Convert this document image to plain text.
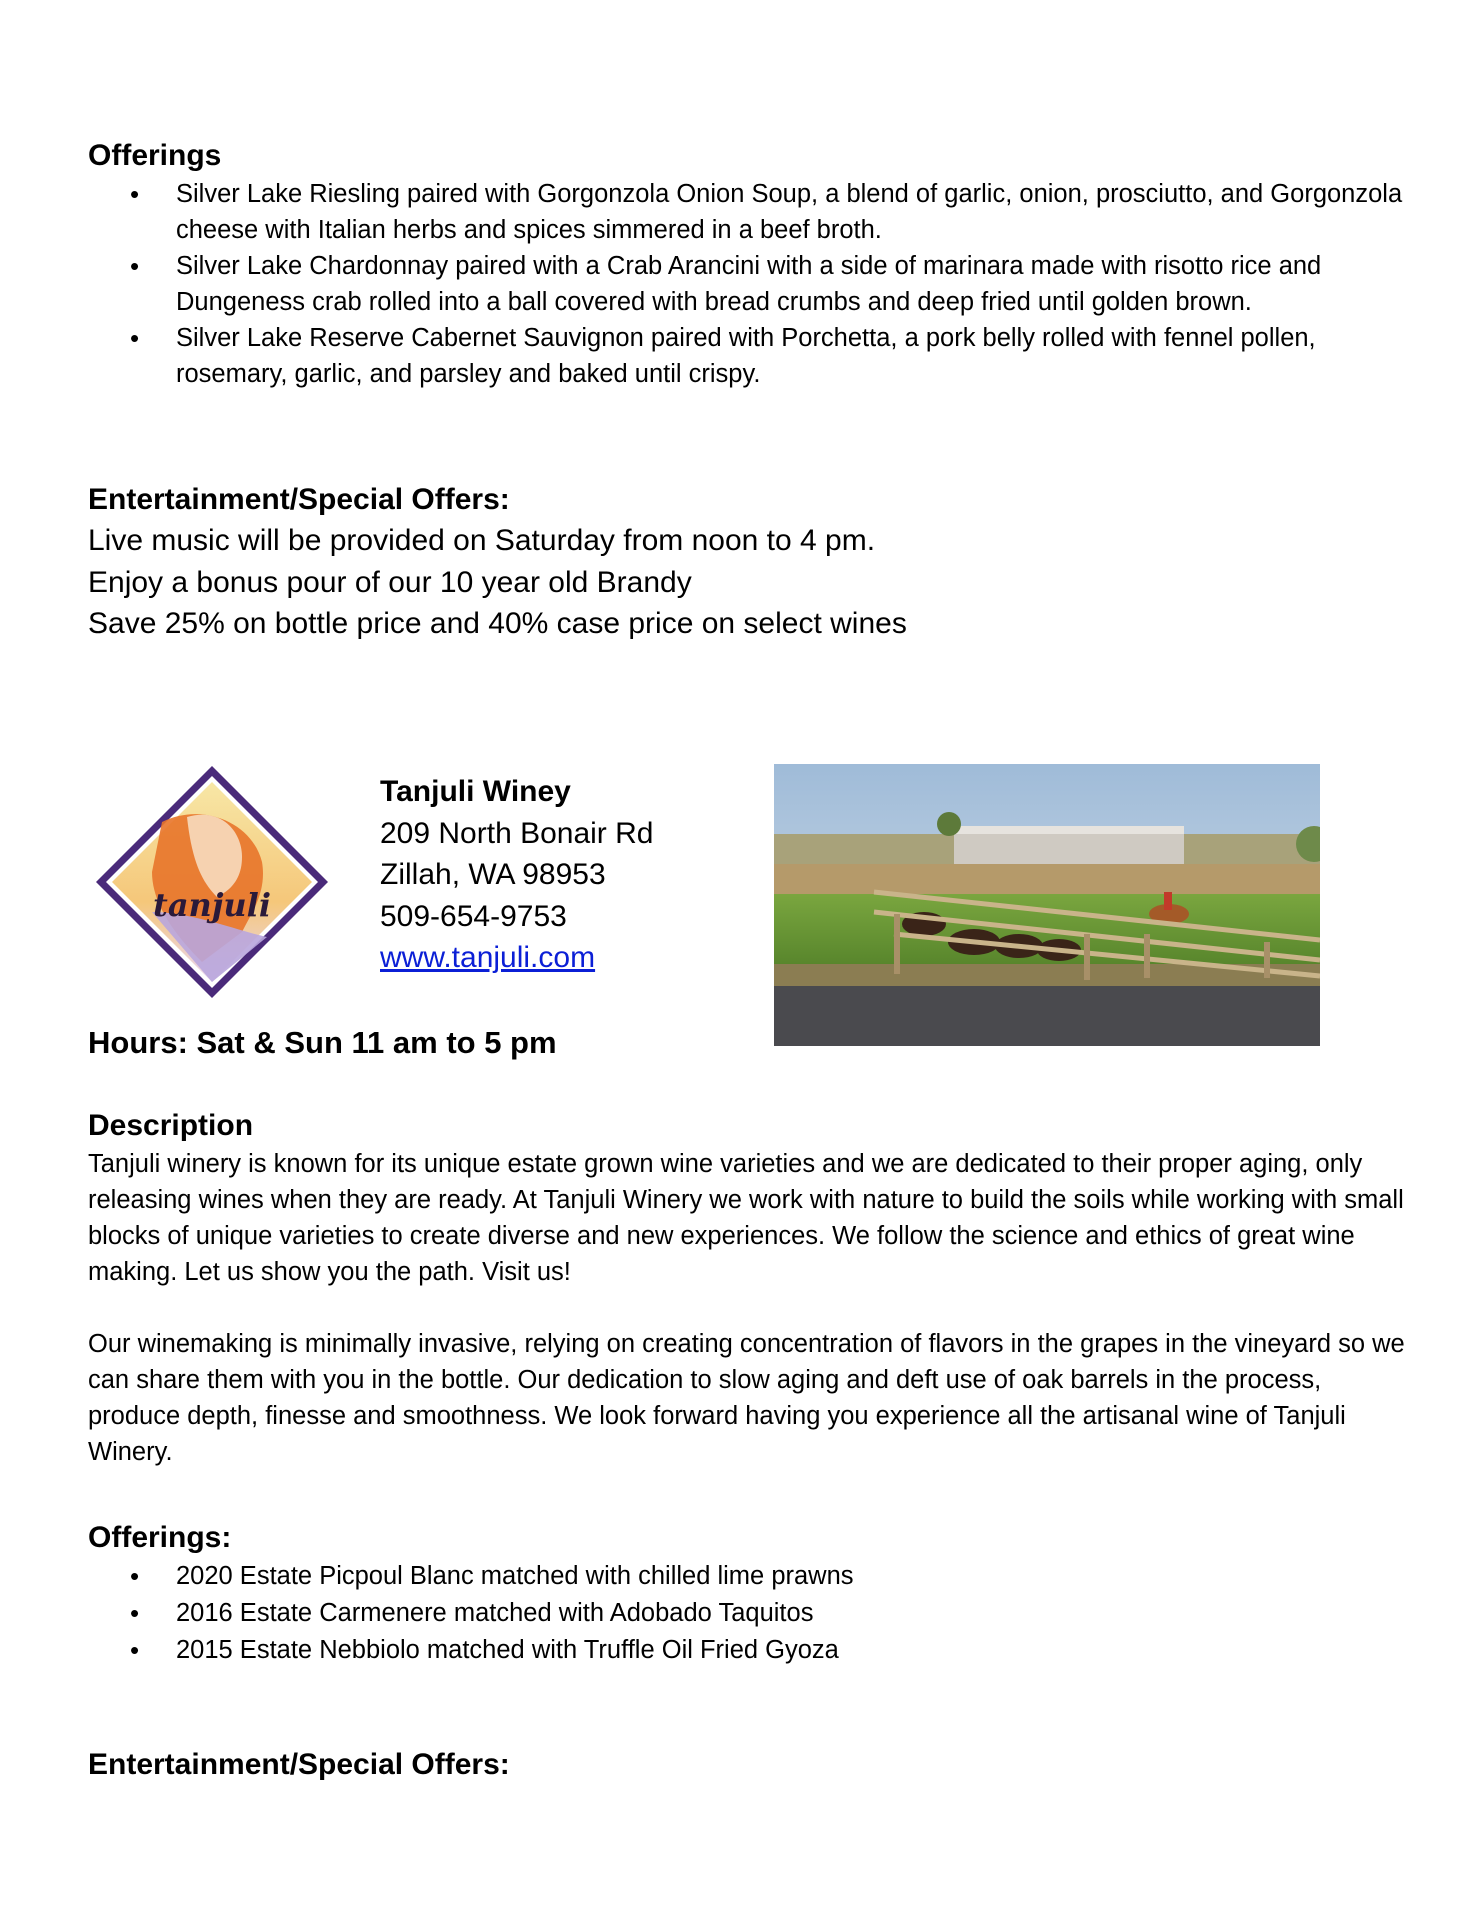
Offerings
• Silver Lake Riesling paired with Gorgonzola Onion Soup, a blend of garlic, onion, prosciutto, and Gorgonzola cheese with Italian herbs and spices simmered in a beef broth.
• Silver Lake Chardonnay paired with a Crab Arancini with a side of marinara made with risotto rice and Dungeness crab rolled into a ball covered with bread crumbs and deep fried until golden brown.
• Silver Lake Reserve Cabernet Sauvignon paired with Porchetta, a pork belly rolled with fennel pollen, rosemary, garlic, and parsley and baked until crispy.
Entertainment/Special Offers:
Live music will be provided on Saturday from noon to 4 pm.
Enjoy a bonus pour of our 10 year old Brandy
Save 25% on bottle price and 40% case price on select wines
tanjuli
Tanjuli Winey
209 North Bonair Rd
Zillah, WA 98953
509-654-9753
www.tanjuli.com
Hours: Sat & Sun 11 am to 5 pm
Description

Tanjuli winery is known for its unique estate grown wine varieties and we are dedicated to their proper aging, only releasing wines when they are ready. At Tanjuli Winery we work with nature to build the soils while working with small blocks of unique varieties to create diverse and new experiences. We follow the science and ethics of great wine making. Let us show you the path. Visit us!

Our winemaking is minimally invasive, relying on creating concentration of flavors in the grapes in the vineyard so we can share them with you in the bottle. Our dedication to slow aging and deft use of oak barrels in the process, produce depth, finesse and smoothness. We look forward having you experience all the artisanal wine of Tanjuli Winery.

Offerings:
• 2020 Estate Picpoul Blanc matched with chilled lime prawns
• 2016 Estate Carmenere matched with Adobado Taquitos
• 2015 Estate Nebbiolo matched with Truffle Oil Fried Gyoza
Entertainment/Special Offers:
